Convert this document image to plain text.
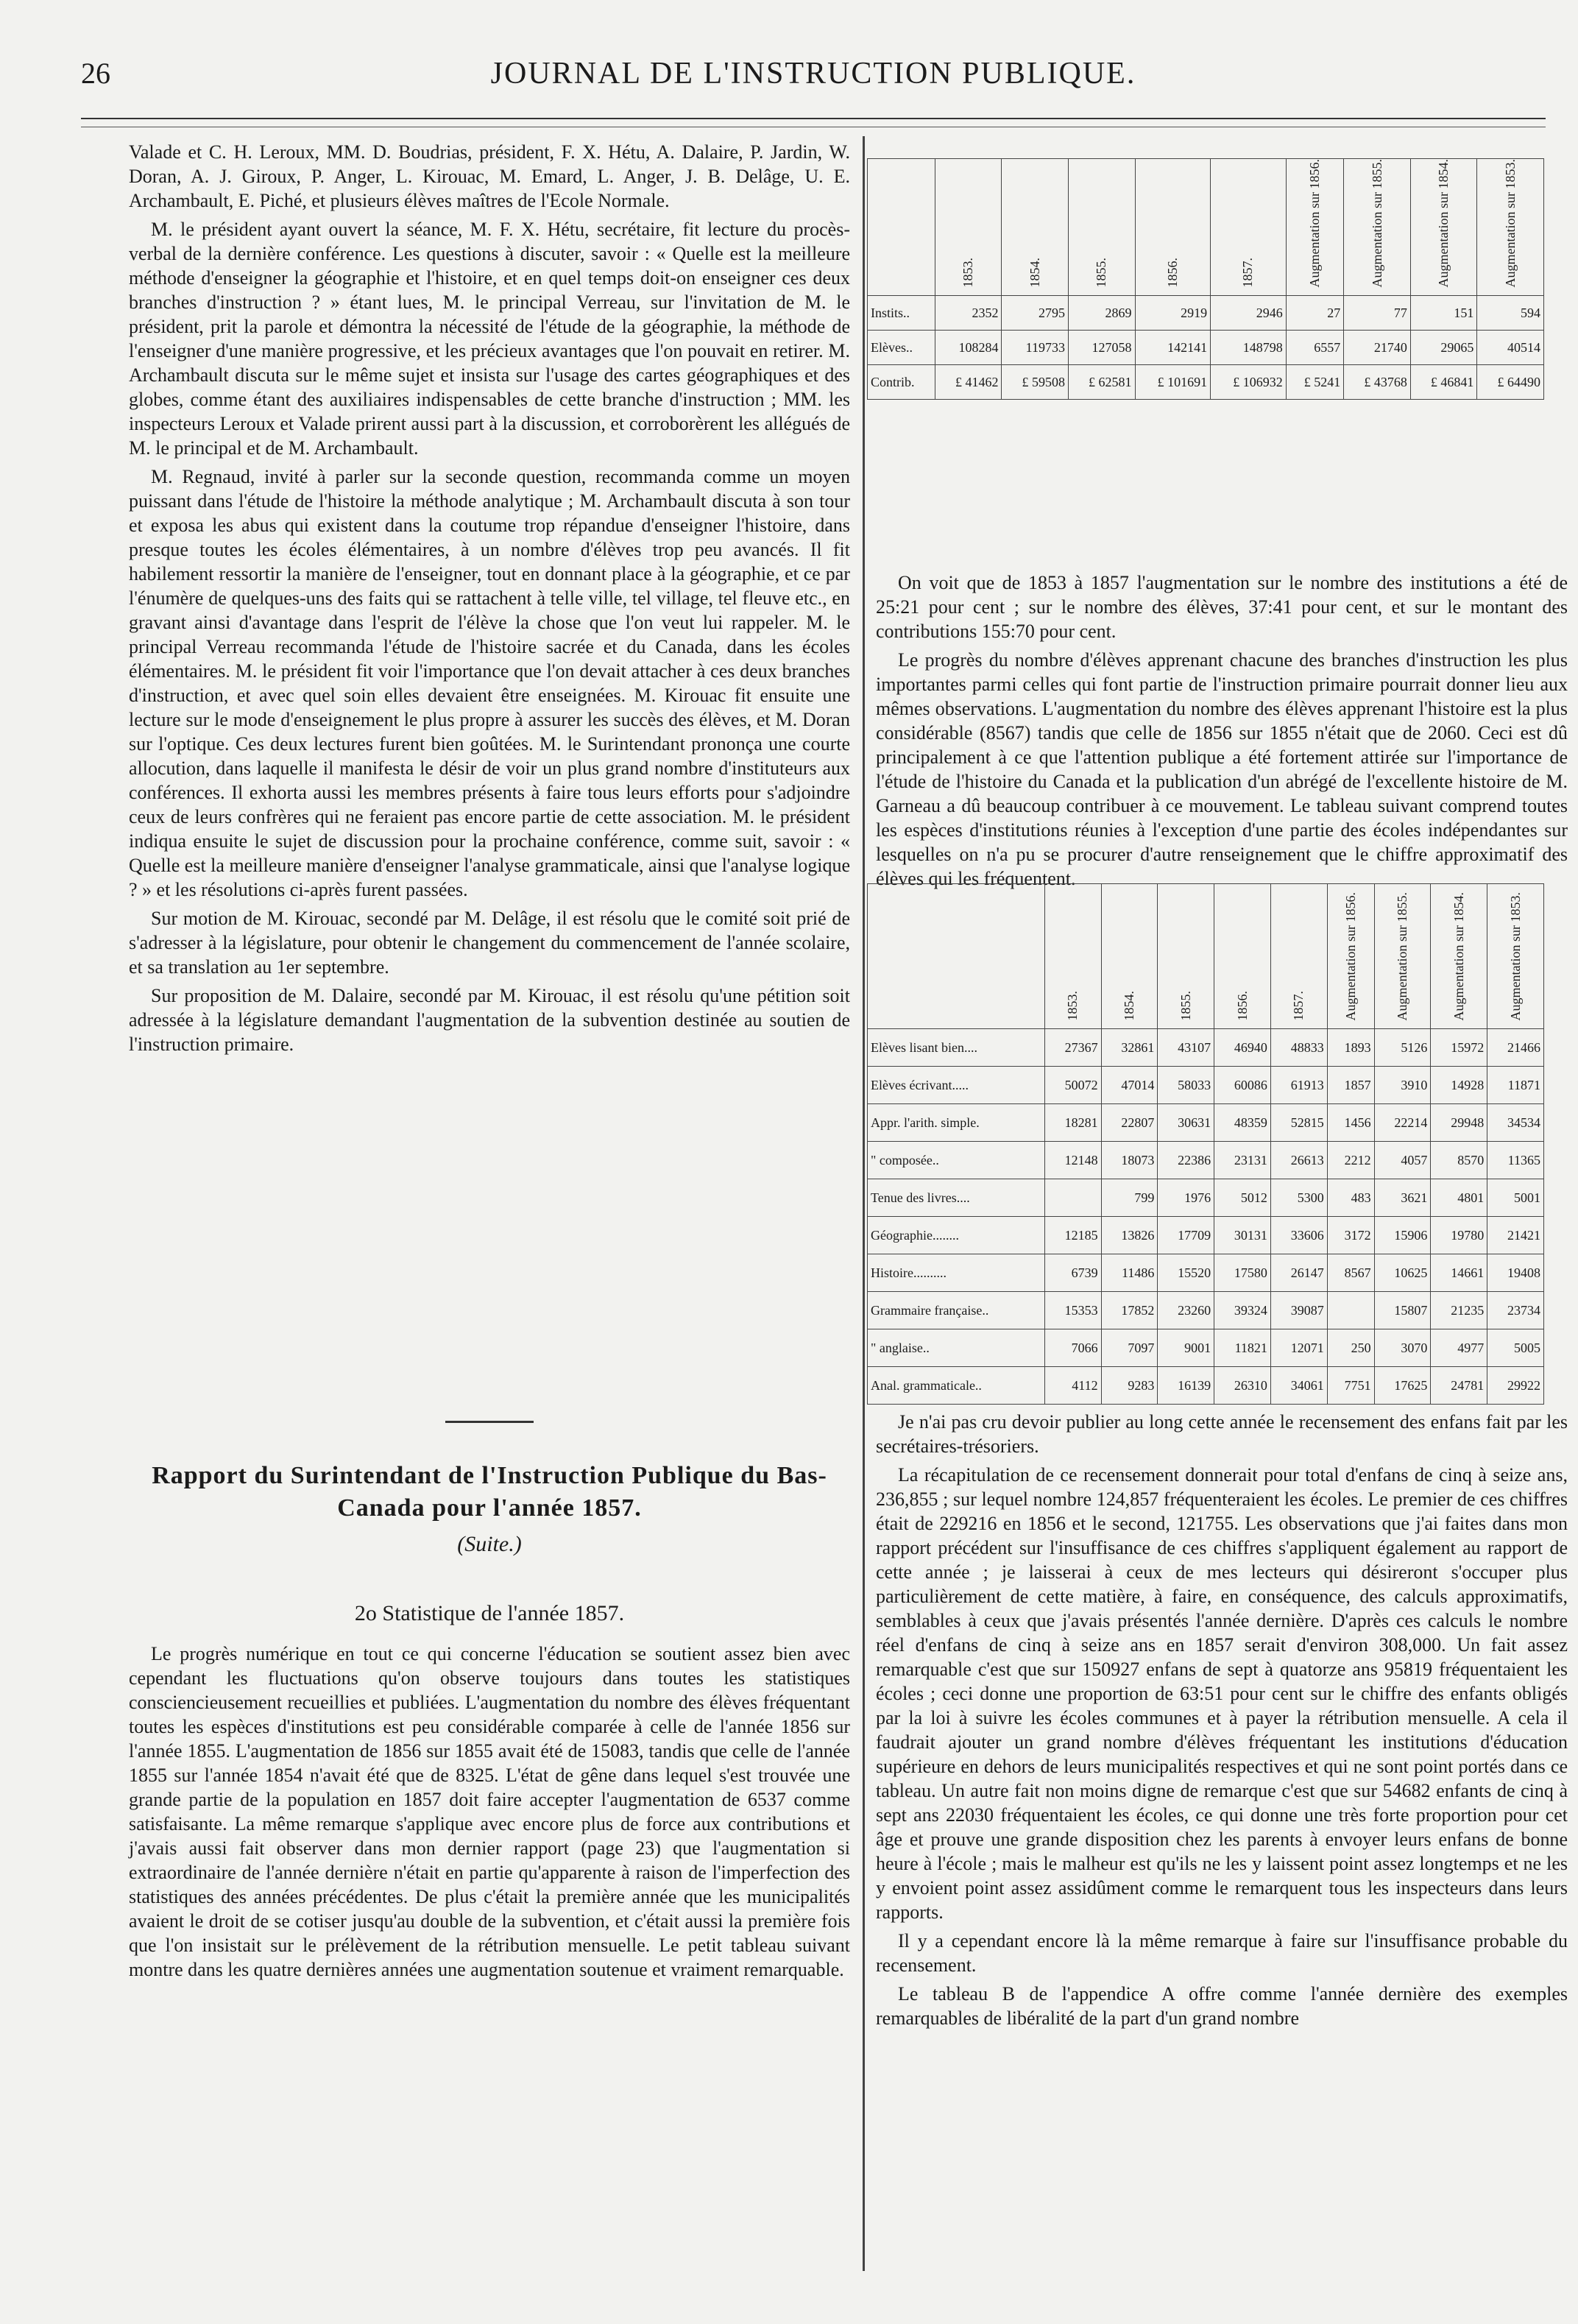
26	JOURNAL DE L'INSTRUCTION PUBLIQUE.

Valade et C. H. Leroux, MM. D. Boudrias, président, F. X. Hétu, A. Dalaire, P. Jardin, W. Doran, A. J. Giroux, P. Anger, L. Kirouac, M. Emard, L. Anger, J. B. Delâge, U. E. Archambault, E. Piché, et plusieurs élèves maîtres de l'Ecole Normale.

M. le président ayant ouvert la séance, M. F. X. Hétu, secrétaire, fit lecture du procès-verbal de la dernière conférence. Les questions à discuter, savoir : « Quelle est la meilleure méthode d'enseigner la géographie et l'histoire, et en quel temps doit-on enseigner ces deux branches d'instruction ? » étant lues, M. le principal Verreau, sur l'invitation de M. le président, prit la parole et démontra la nécessité de l'étude de la géographie, la méthode de l'enseigner d'une manière progressive, et les précieux avantages que l'on pouvait en retirer. M. Archambault discuta sur le même sujet et insista sur l'usage des cartes géographiques et des globes, comme étant des auxiliaires indispensables de cette branche d'instruction ; MM. les inspecteurs Leroux et Valade prirent aussi part à la discussion, et corroborèrent les allégués de M. le principal et de M. Archambault.

M. Regnaud, invité à parler sur la seconde question, recommanda comme un moyen puissant dans l'étude de l'histoire la méthode analytique ; M. Archambault discuta à son tour et exposa les abus qui existent dans la coutume trop répandue d'enseigner l'histoire, dans presque toutes les écoles élémentaires, à un nombre d'élèves trop peu avancés. Il fit habilement ressortir la manière de l'enseigner, tout en donnant place à la géographie, et ce par l'énumère de quelques-uns des faits qui se rattachent à telle ville, tel village, tel fleuve etc., en gravant ainsi d'avantage dans l'esprit de l'élève la chose que l'on veut lui rappeler. M. le principal Verreau recommanda l'étude de l'histoire sacrée et du Canada, dans les écoles élémentaires. M. le président fit voir l'importance que l'on devait attacher à ces deux branches d'instruction, et avec quel soin elles devaient être enseignées. M. Kirouac fit ensuite une lecture sur le mode d'enseignement le plus propre à assurer les succès des élèves, et M. Doran sur l'optique. Ces deux lectures furent bien goûtées. M. le Surintendant prononça une courte allocution, dans laquelle il manifesta le désir de voir un plus grand nombre d'instituteurs aux conférences. Il exhorta aussi les membres présents à faire tous leurs efforts pour s'adjoindre ceux de leurs confrères qui ne feraient pas encore partie de cette association. M. le président indiqua ensuite le sujet de discussion pour la prochaine conférence, comme suit, savoir : « Quelle est la meilleure manière d'enseigner l'analyse grammaticale, ainsi que l'analyse logique ? » et les résolutions ci-après furent passées.

Sur motion de M. Kirouac, secondé par M. Delâge, il est résolu que le comité soit prié de s'adresser à la législature, pour obtenir le changement du commencement de l'année scolaire, et sa translation au 1er septembre.

Sur proposition de M. Dalaire, secondé par M. Kirouac, il est résolu qu'une pétition soit adressée à la législature demandant l'augmentation de la subvention destinée au soutien de l'instruction primaire.

Rapport du Surintendant de l'Instruction Publique du Bas-Canada pour l'année 1857.
(Suite.)
2o Statistique de l'année 1857.

Le progrès numérique en tout ce qui concerne l'éducation se soutient assez bien avec cependant les fluctuations qu'on observe toujours dans toutes les statistiques consciencieusement recueillies et publiées. L'augmentation du nombre des élèves fréquentant toutes les espèces d'institutions est peu considérable comparée à celle de l'année 1856 sur l'année 1855. L'augmentation de 1856 sur 1855 avait été de 15083, tandis que celle de l'année 1855 sur l'année 1854 n'avait été que de 8325. L'état de gêne dans lequel s'est trouvée une grande partie de la population en 1857 doit faire accepter l'augmentation de 6537 comme satisfaisante. La même remarque s'applique avec encore plus de force aux contributions et j'avais aussi fait observer dans mon dernier rapport (page 23) que l'augmentation si extraordinaire de l'année dernière n'était en partie qu'apparente à raison de l'imperfection des statistiques des années précédentes. De plus c'était la première année que les municipalités avaient le droit de se cotiser jusqu'au double de la subvention, et c'était aussi la première fois que l'on insistait sur le prélèvement de la rétribution mensuelle. Le petit tableau suivant montre dans les quatre dernières années une augmentation soutenue et vraiment remarquable.

	1853.	1854.	1855.	1856.	1857.	Augmentation sur 1856.	Augmentation sur 1855.	Augmentation sur 1854.	Augmentation sur 1853.
Instits..	2352	2795	2869	2919	2946	27	77	151	594
Elèves..	108284	119733	127058	142141	148798	6557	21740	29065	40514
Contrib.	£ 41462	£ 59508	£ 62581	£ 101691	£ 106932	£ 5241	£ 43768	£ 46841	£ 64490

On voit que de 1853 à 1857 l'augmentation sur le nombre des institutions a été de 25:21 pour cent ; sur le nombre des élèves, 37:41 pour cent, et sur le montant des contributions 155:70 pour cent.

Le progrès du nombre d'élèves apprenant chacune des branches d'instruction les plus importantes parmi celles qui font partie de l'instruction primaire pourrait donner lieu aux mêmes observations. L'augmentation du nombre des élèves apprenant l'histoire est la plus considérable (8567) tandis que celle de 1856 sur 1855 n'était que de 2060. Ceci est dû principalement à ce que l'attention publique a été fortement attirée sur l'importance de l'étude de l'histoire du Canada et la publication d'un abrégé de l'excellente histoire de M. Garneau a dû beaucoup contribuer à ce mouvement. Le tableau suivant comprend toutes les espèces d'institutions réunies à l'exception d'une partie des écoles indépendantes sur lesquelles on n'a pu se procurer d'autre renseignement que le chiffre approximatif des élèves qui les fréquentent.

	1853.	1854.	1855.	1856.	1857.	Augmentation sur 1856.	Augmentation sur 1855.	Augmentation sur 1854.	Augmentation sur 1853.
Elèves lisant bien....	27367	32861	43107	46940	48833	1893	5126	15972	21466
Elèves écrivant.....	50072	47014	58033	60086	61913	1857	3910	14928	11871
Appr. l'arith. simple.	18281	22807	30631	48359	52815	1456	22214	29948	34534
" composée..	12148	18073	22386	23131	26613	2212	4057	8570	11365
Tenue des livres....		799	1976	5012	5300	483	3621	4801	5001
Géographie........	12185	13826	17709	30131	33606	3172	15906	19780	21421
Histoire..........	6739	11486	15520	17580	26147	8567	10625	14661	19408
Grammaire française..	15353	17852	23260	39324	39087		15807	21235	23734
" anglaise..	7066	7097	9001	11821	12071	250	3070	4977	5005
Anal. grammaticale..	4112	9283	16139	26310	34061	7751	17625	24781	29922

Je n'ai pas cru devoir publier au long cette année le recensement des enfans fait par les secrétaires-trésoriers.

La récapitulation de ce recensement donnerait pour total d'enfans de cinq à seize ans, 236,855 ; sur lequel nombre 124,857 fréquenteraient les écoles. Le premier de ces chiffres était de 229216 en 1856 et le second, 121755. Les observations que j'ai faites dans mon rapport précédent sur l'insuffisance de ces chiffres s'appliquent également au rapport de cette année ; je laisserai à ceux de mes lecteurs qui désireront s'occuper plus particulièrement de cette matière, à faire, en conséquence, des calculs approximatifs, semblables à ceux que j'avais présentés l'année dernière. D'après ces calculs le nombre réel d'enfans de cinq à seize ans en 1857 serait d'environ 308,000. Un fait assez remarquable c'est que sur 150927 enfans de sept à quatorze ans 95819 fréquentaient les écoles ; ceci donne une proportion de 63:51 pour cent sur le chiffre des enfants obligés par la loi à suivre les écoles communes et à payer la rétribution mensuelle. A cela il faudrait ajouter un grand nombre d'élèves fréquentant les institutions d'éducation supérieure en dehors de leurs municipalités respectives et qui ne sont point portés dans ce tableau. Un autre fait non moins digne de remarque c'est que sur 54682 enfants de cinq à sept ans 22030 fréquentaient les écoles, ce qui donne une très forte proportion pour cet âge et prouve une grande disposition chez les parents à envoyer leurs enfans de bonne heure à l'école ; mais le malheur est qu'ils ne les y laissent point assez longtemps et ne les y envoient point assez assidûment comme le remarquent tous les inspecteurs dans leurs rapports.

Il y a cependant encore là la même remarque à faire sur l'insuffisance probable du recensement.

Le tableau B de l'appendice A offre comme l'année dernière des exemples remarquables de libéralité de la part d'un grand nombre
